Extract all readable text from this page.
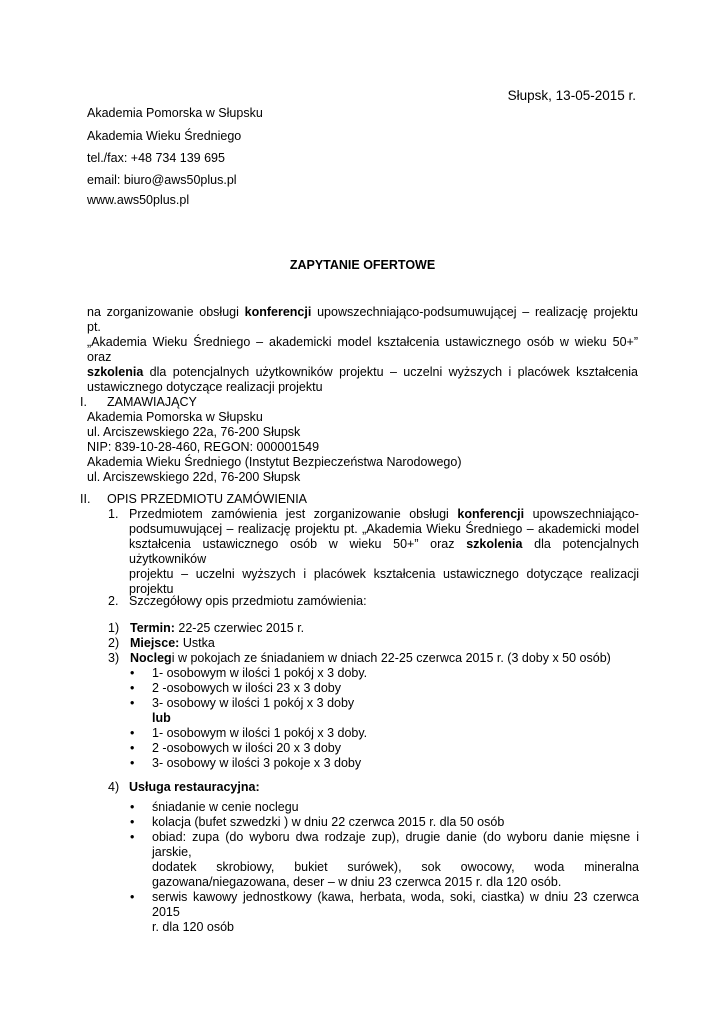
Słupsk, 13-05-2015 r.
Akademia Pomorska w Słupsku
Akademia Wieku Średniego
tel./fax: +48 734 139 695
email: biuro@aws50plus.pl
www.aws50plus.pl
ZAPYTANIE OFERTOWE
na zorganizowanie obsługi konferencji upowszechniająco-podsumuwującej – realizację projektu pt.
„Akademia Wieku Średniego – akademicki model kształcenia ustawicznego osób w wieku 50+” oraz
szkolenia dla potencjalnych użytkowników projektu – uczelni wyższych i placówek kształcenia
ustawicznego dotyczące realizacji projektu
I. ZAMAWIAJĄCY
Akademia Pomorska w Słupsku
ul. Arciszewskiego 22a, 76-200 Słupsk
NIP: 839-10-28-460, REGON: 000001549
Akademia Wieku Średniego (Instytut Bezpieczeństwa Narodowego)
ul. Arciszewskiego 22d, 76-200 Słupsk
II. OPIS PRZEDMIOTU ZAMÓWIENIA
1. Przedmiotem zamówienia jest zorganizowanie obsługi konferencji upowszechniająco-
podsumuwującej – realizację projektu pt. „Akademia Wieku Średniego – akademicki model
kształcenia ustawicznego osób w wieku 50+” oraz szkolenia dla potencjalnych użytkowników
projektu – uczelni wyższych i placówek kształcenia ustawicznego dotyczące realizacji
projektu
2. Szczegółowy opis przedmiotu zamówienia:
1) Termin: 22-25 czerwiec 2015 r.
2) Miejsce: Ustka
3) Noclegi w pokojach ze śniadaniem w dniach 22-25 czerwca 2015 r. (3 doby x 50 osób)
• 1- osobowym w ilości 1 pokój x 3 doby.
• 2 -osobowych w ilości 23 x 3 doby
• 3- osobowy w ilości 1 pokój x 3 doby
lub
• 1- osobowym w ilości 1 pokój x 3 doby.
• 2 -osobowych w ilości 20 x 3 doby
• 3- osobowy w ilości 3 pokoje x 3 doby
4) Usługa restauracyjna:
• śniadanie w cenie noclegu
• kolacja (bufet szwedzki ) w dniu 22 czerwca 2015 r. dla 50 osób
• obiad: zupa (do wyboru dwa rodzaje zup), drugie danie (do wyboru danie mięsne i jarskie,
dodatek skrobiowy, bukiet surówek), sok owocowy, woda mineralna
gazowana/niegazowana, deser – w dniu 23 czerwca 2015 r. dla 120 osób.
• serwis kawowy jednostkowy (kawa, herbata, woda, soki, ciastka) w dniu 23 czerwca 2015
r. dla 120 osób
